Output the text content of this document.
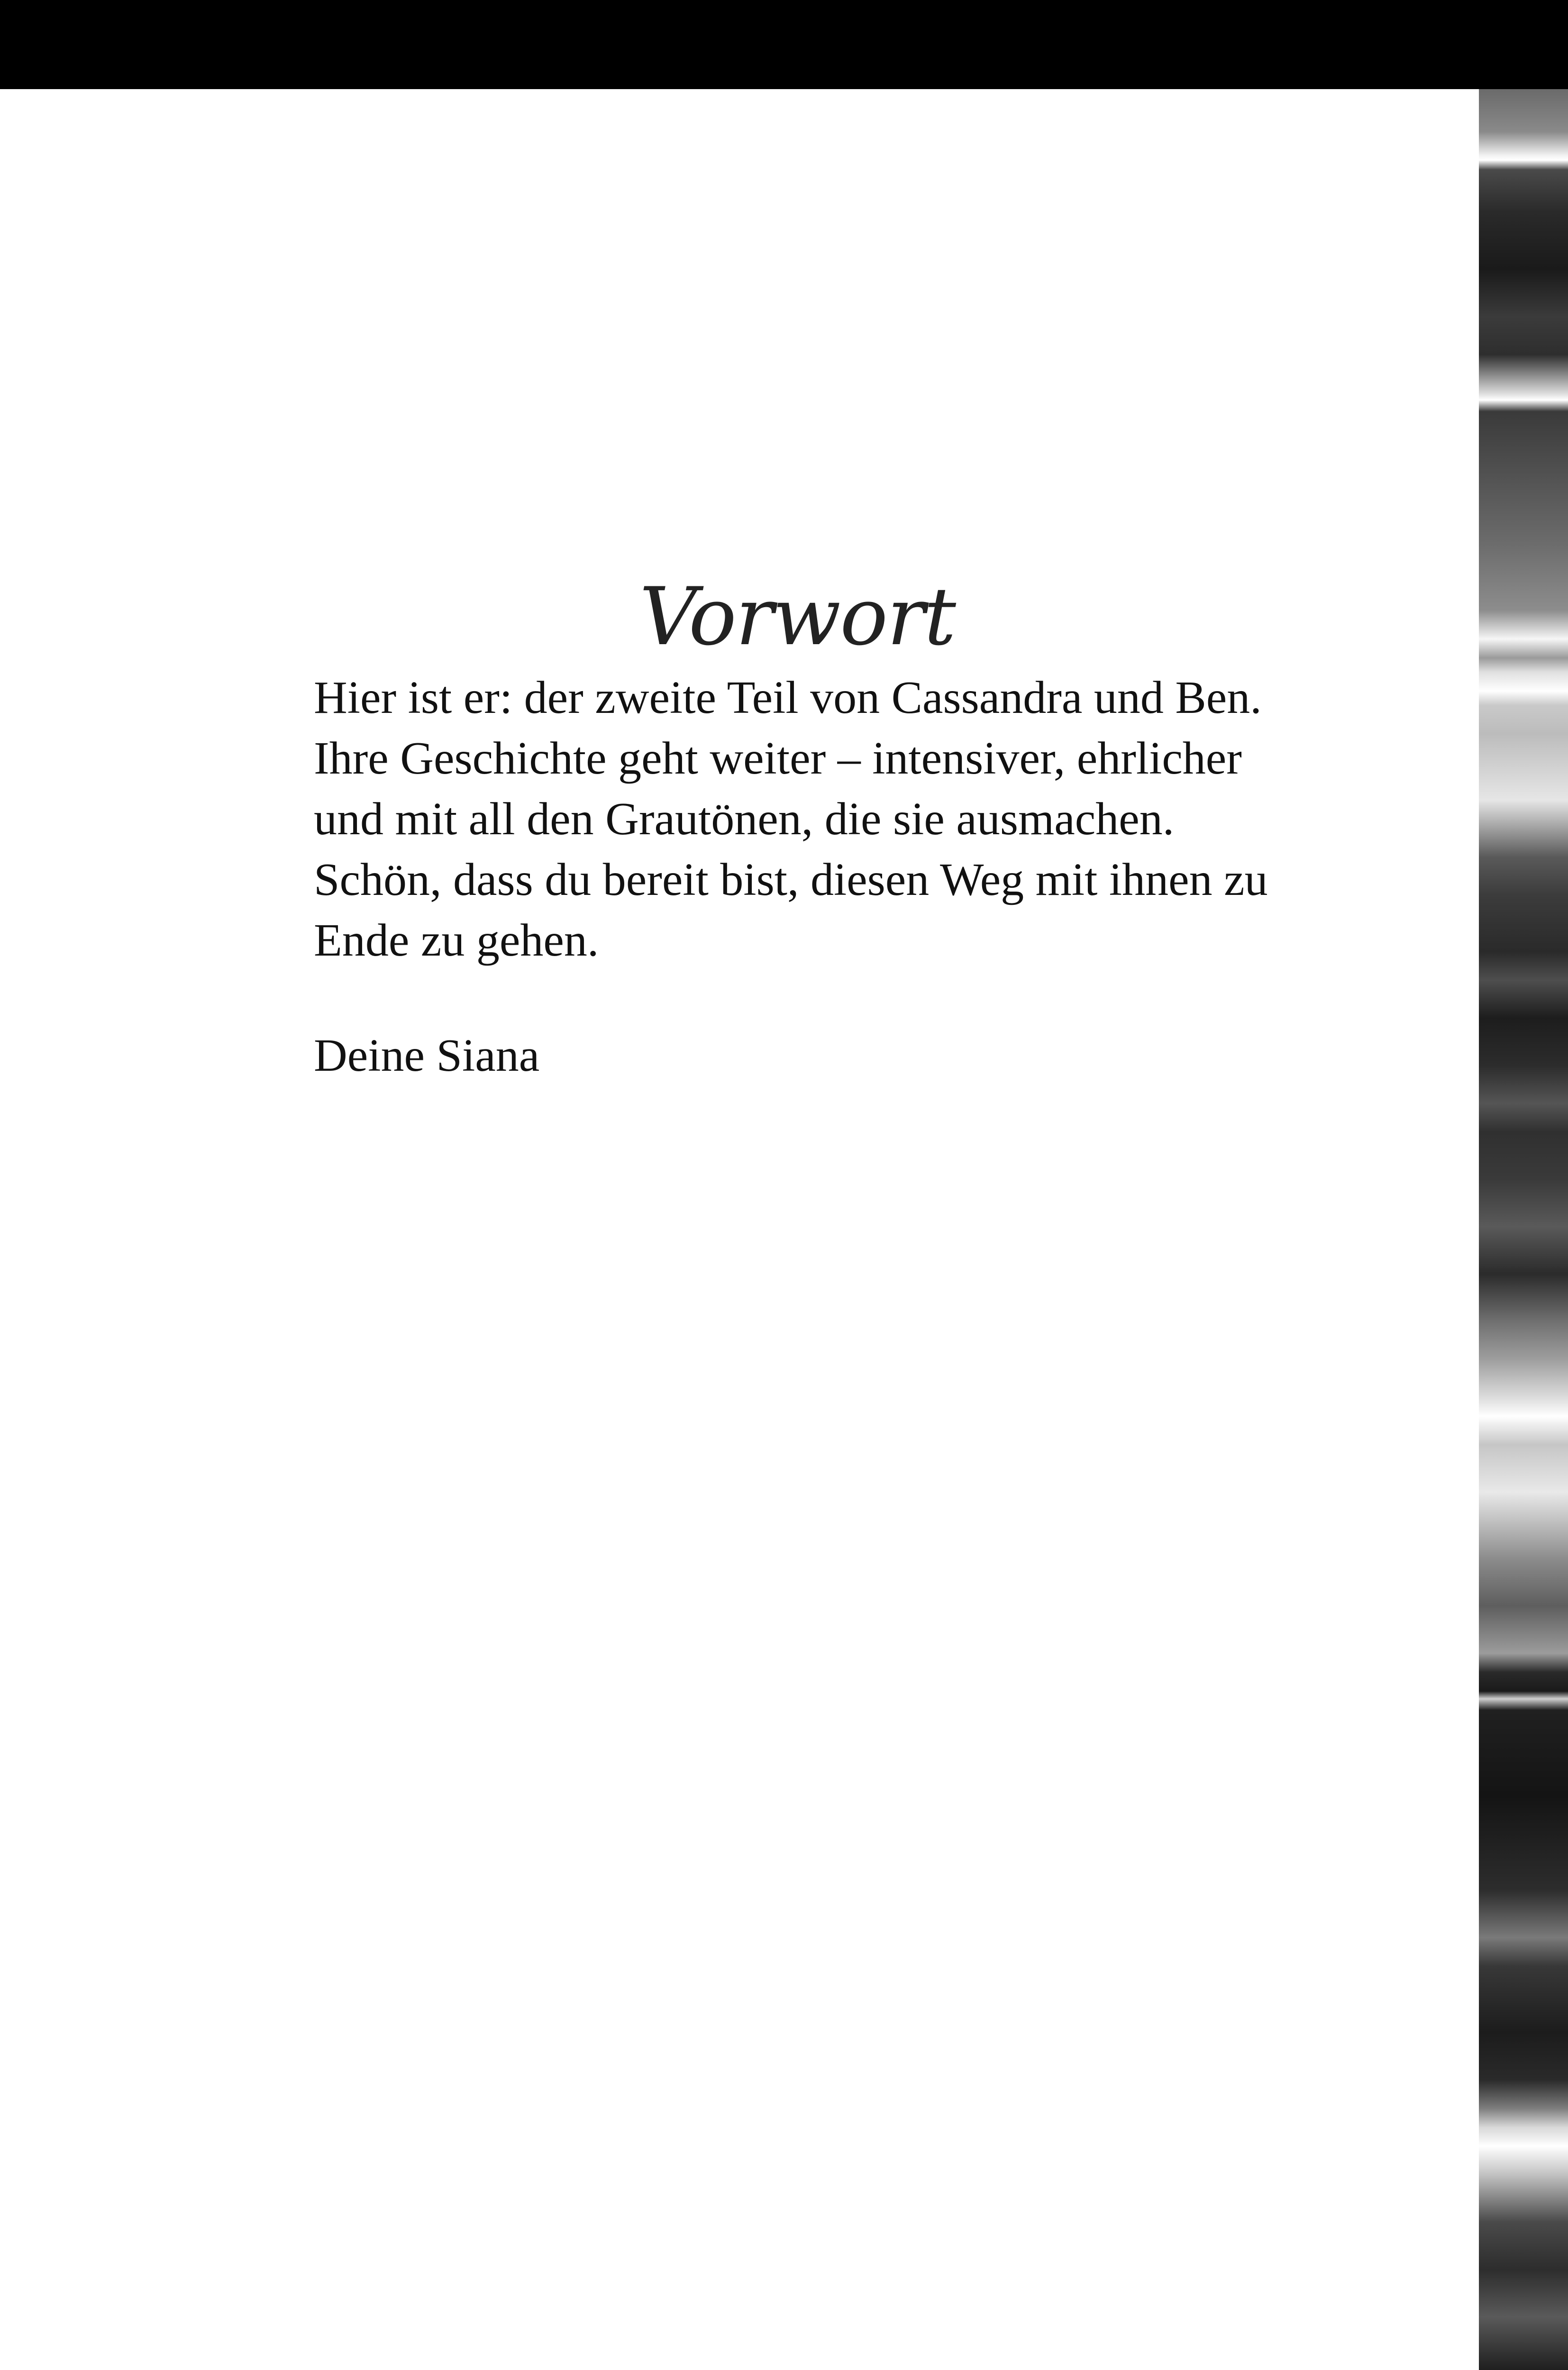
Vorwort

Hier ist er: der zweite Teil von Cassandra und Ben.
Ihre Geschichte geht weiter – intensiver, ehrlicher
und mit all den Grautönen, die sie ausmachen.
Schön, dass du bereit bist, diesen Weg mit ihnen zu
Ende zu gehen.

Deine Siana
